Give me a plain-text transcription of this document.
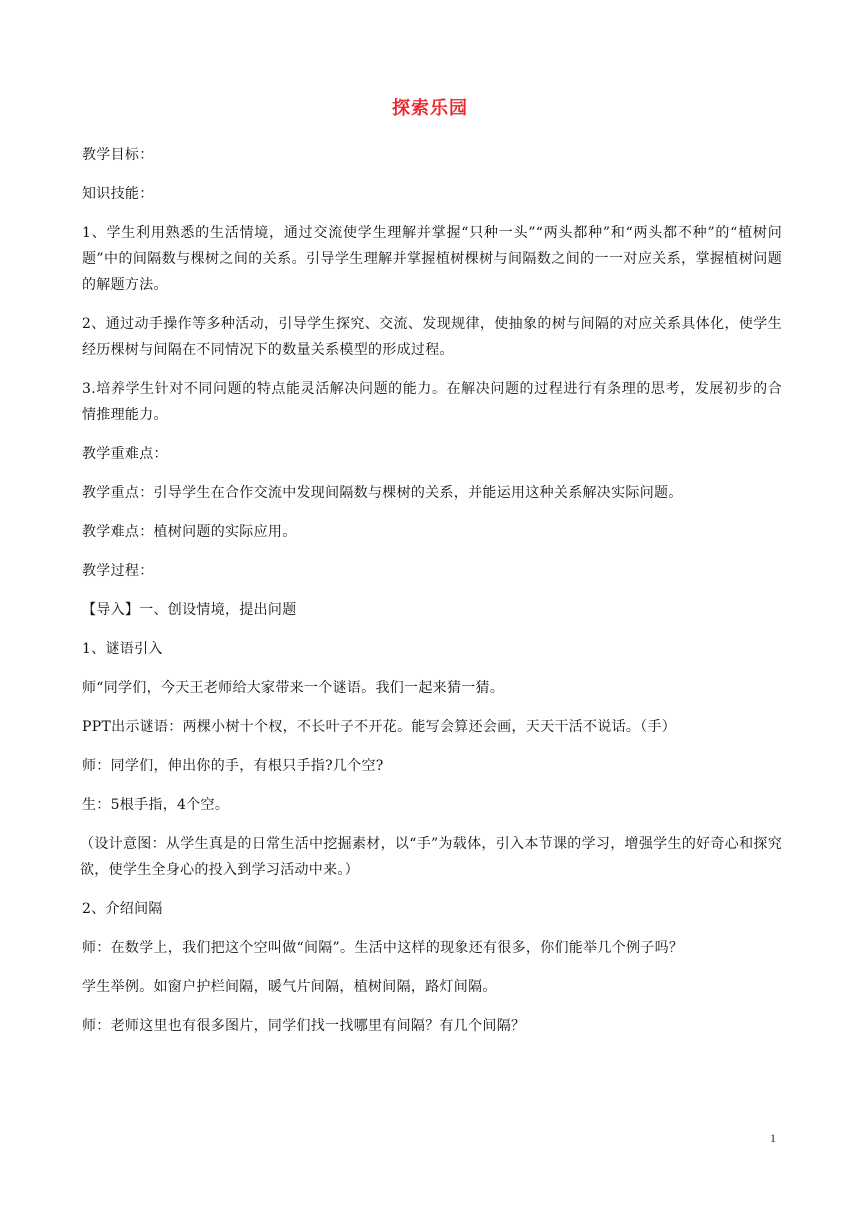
探索乐园

教学目标：

知识技能：

1、学生利用熟悉的生活情境，通过交流使学生理解并掌握“只种一头”“两头都种”和“两头都不种”的“植树问题”中的间隔数与棵树之间的关系。引导学生理解并掌握植树棵树与间隔数之间的一一对应关系，掌握植树问题的解题方法。

2、通过动手操作等多种活动，引导学生探究、交流、发现规律，使抽象的树与间隔的对应关系具体化，使学生经历棵树与间隔在不同情况下的数量关系模型的形成过程。

3.培养学生针对不同问题的特点能灵活解决问题的能力。在解决问题的过程进行有条理的思考，发展初步的合情推理能力。

教学重难点：

教学重点：引导学生在合作交流中发现间隔数与棵树的关系，并能运用这种关系解决实际问题。

教学难点：植树问题的实际应用。

教学过程：

【导入】一、创设情境，提出问题

1、谜语引入

师“同学们，今天王老师给大家带来一个谜语。我们一起来猜一猜。

PPT出示谜语：两棵小树十个杈，不长叶子不开花。能写会算还会画，天天干活不说话。（手）

师：同学们，伸出你的手，有根只手指?几个空?

生：5根手指，4个空。

（设计意图：从学生真是的日常生活中挖掘素材，以“手”为载体，引入本节课的学习，增强学生的好奇心和探究欲，使学生全身心的投入到学习活动中来。）

2、介绍间隔

师：在数学上，我们把这个空叫做“间隔”。生活中这样的现象还有很多，你们能举几个例子吗？

学生举例。如窗户护栏间隔，暖气片间隔，植树间隔，路灯间隔。

师：老师这里也有很多图片，同学们找一找哪里有间隔？有几个间隔？

1
